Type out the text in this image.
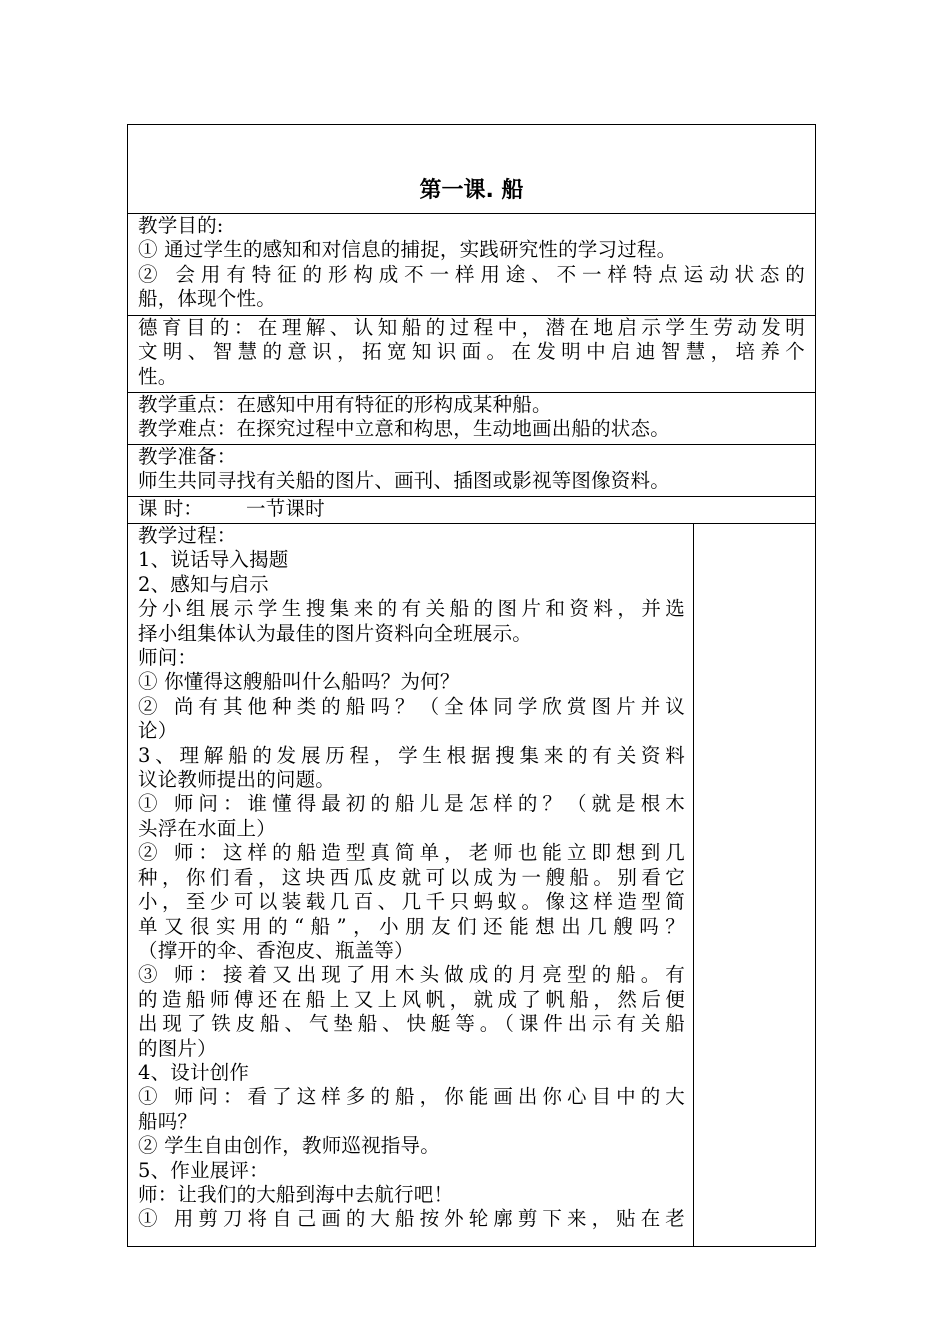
第一课. 船
教学目的:
① 通过学生的感知和对信息的捕捉，实践研究性的学习过程。
② 会用有特征的形构成不一样用途、不一样特点运动状态的
船，体现个性。
德育目的：在理解、认知船的过程中，潜在地启示学生劳动发明
文明、智慧的意识，拓宽知识面。在发明中启迪智慧，培养个
性。
教学重点：在感知中用有特征的形构成某种船。
教学难点：在探究过程中立意和构思，生动地画出船的状态。
教学准备：
师生共同寻找有关船的图片、画刊、插图或影视等图像资料。
课 时： 一节课时
教学过程：
1、说话导入揭题
2、感知与启示
分小组展示学生搜集来的有关船的图片和资料，并选
择小组集体认为最佳的图片资料向全班展示。
师问：
① 你懂得这艘船叫什么船吗？为何？
② 尚有其他种类的船吗？（全体同学欣赏图片并议
论）
3、理解船的发展历程，学生根据搜集来的有关资料
议论教师提出的问题。
① 师问：谁懂得最初的船儿是怎样的？（就是根木
头浮在水面上）
② 师：这样的船造型真简单，老师也能立即想到几
种，你们看，这块西瓜皮就可以成为一艘船。别看它
小，至少可以装载几百、几千只蚂蚁。像这样造型简
单又很实用的“船”，小朋友们还能想出几艘吗？
（撑开的伞、香泡皮、瓶盖等）
③ 师：接着又出现了用木头做成的月亮型的船。有
的造船师傅还在船上又上风帆，就成了帆船，然后便
出现了铁皮船、气垫船、快艇等。（课件出示有关船
的图片）
4、设计创作
① 师问：看了这样多的船，你能画出你心目中的大
船吗？
② 学生自由创作，教师巡视指导。
5、作业展评：
师：让我们的大船到海中去航行吧！
① 用剪刀将自己画的大船按外轮廓剪下来，贴在老
